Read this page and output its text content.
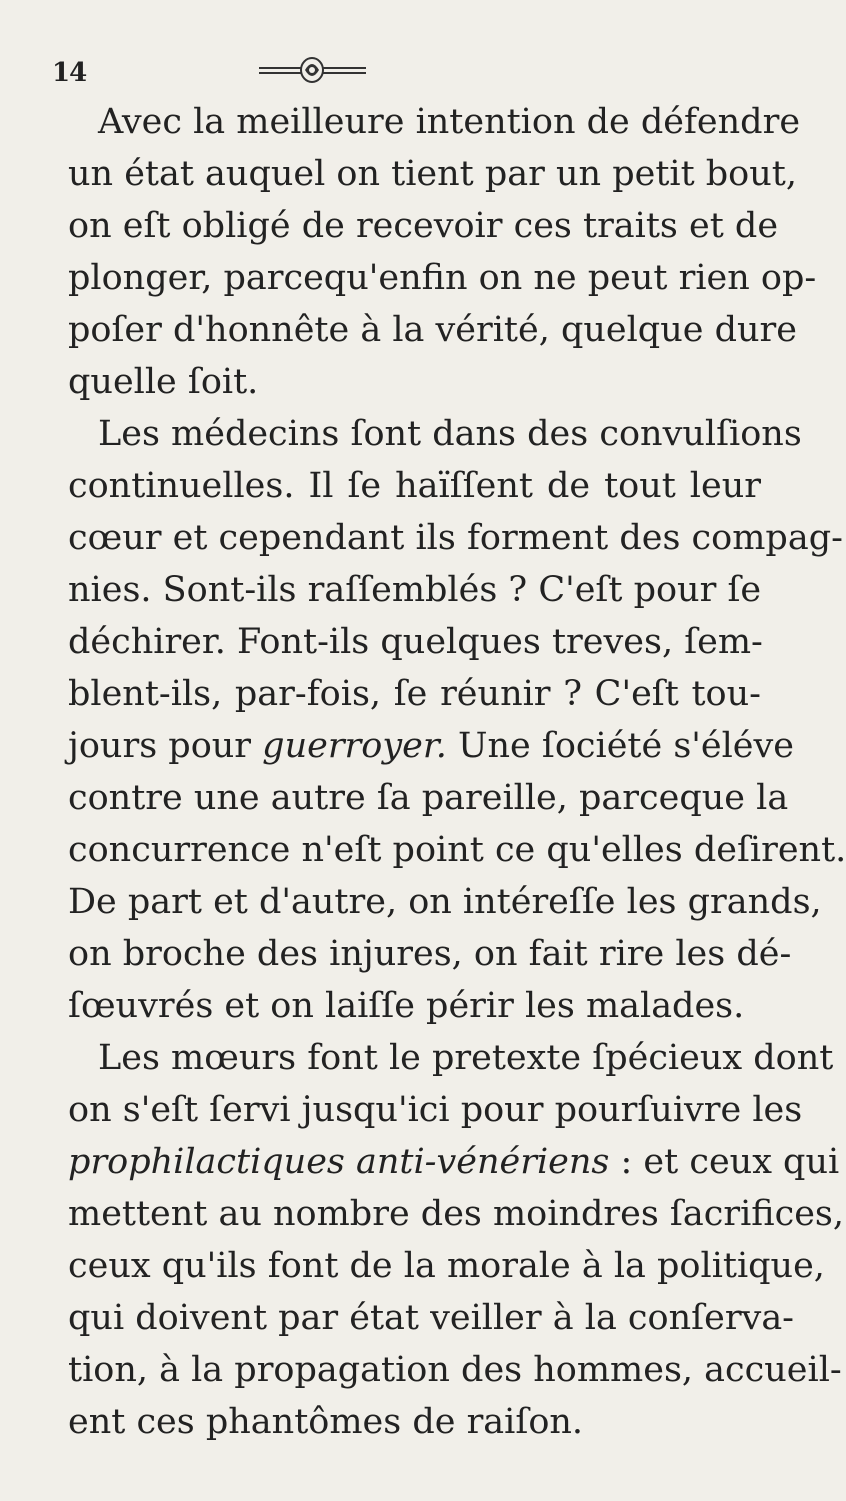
14
Avec la meilleure intention de défendre
un état auquel on tient par un petit bout,
on eſt obligé de recevoir ces traits et de
plonger, parcequ'enfin on ne peut rien op-
poſer d'honnête à la vérité, quelque dure
quelle ſoit.
Les médecins ſont dans des convulſions
continuelles. Il ſe haïſſent de tout leur
cœur et cependant ils forment des compag-
nies. Sont-ils raſſemblés ? C'eſt pour ſe
déchirer. Font-ils quelques treves, ſem-
blent-ils, par-fois, ſe réunir ? C'eſt tou-
jours pour guerroyer. Une ſociété s'éléve
contre une autre ſa pareille, parceque la
concurrence n'eſt point ce qu'elles deſirent.
De part et d'autre, on intéreſſe les grands,
on broche des injures, on fait rire les dé-
ſœuvrés et on laiſſe périr les malades.
Les mœurs font le pretexte ſpécieux dont
on s'eſt ſervi jusqu'ici pour pourſuivre les
prophilactiques anti-vénériens : et ceux qui
mettent au nombre des moindres ſacrifices,
ceux qu'ils font de la morale à la politique,
qui doivent par état veiller à la conſerva-
tion, à la propagation des hommes, accueil-
ent ces phantômes de raiſon.
